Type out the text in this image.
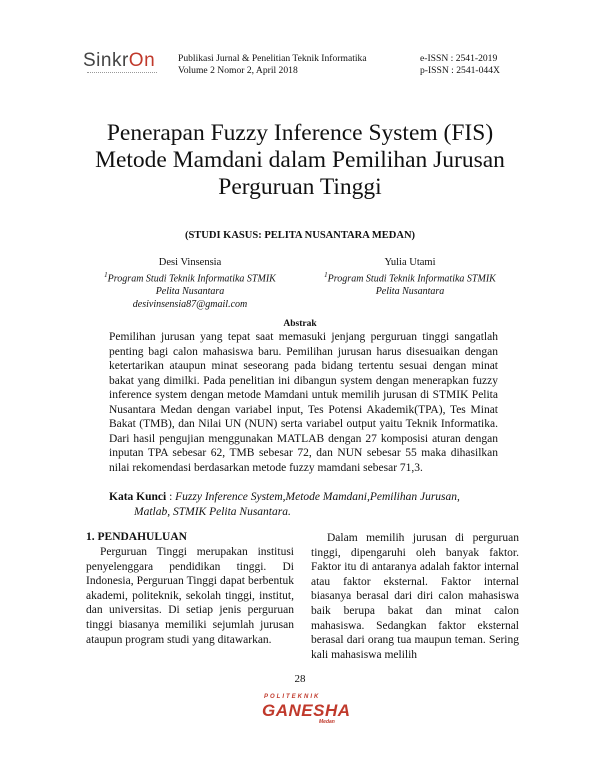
SinkrOn Publikasi Jurnal & Penelitian Teknik Informatika
Volume 2 Nomor 2, April 2018
e-ISSN : 2541-2019
p-ISSN : 2541-044X
Penerapan Fuzzy Inference System (FIS)
Metode Mamdani dalam Pemilihan Jurusan
Perguruan Tinggi
(STUDI KASUS: PELITA NUSANTARA MEDAN)
Desi Vinsensia
$^1$Program Studi Teknik Informatika STMIK
Pelita Nusantara
desivinsensia87@gmail.com
Yulia Utami
$^1$Program Studi Teknik Informatika STMIK
Pelita Nusantara
Abstrak
Pemilihan jurusan yang tepat saat memasuki jenjang perguruan tinggi sangatlah penting bagi calon mahasiswa baru. Pemilihan jurusan harus disesuaikan dengan ketertarikan ataupun minat seseorang pada bidang tertentu sesuai dengan minat bakat yang dimilki. Pada penelitian ini dibangun system dengan menerapkan fuzzy inference system dengan metode Mamdani untuk memilih jurusan di STMIK Pelita Nusantara Medan dengan variabel input, Tes Potensi Akademik(TPA), Tes Minat Bakat (TMB), dan Nilai UN (NUN) serta variabel output yaitu Teknik Informatika. Dari hasil pengujian menggunakan MATLAB dengan 27 komposisi aturan dengan inputan TPA sebesar 62, TMB sebesar 72, dan NUN sebesar 55 maka dihasilkan nilai rekomendasi berdasarkan metode fuzzy mamdani sebesar 71,3.
Kata Kunci : Fuzzy Inference System,Metode Mamdani,Pemilihan Jurusan,
Matlab, STMIK Pelita Nusantara.
1. PENDAHULUAN
Perguruan Tinggi merupakan institusi penyelenggara pendidikan tinggi. Di Indonesia, Perguruan Tinggi dapat berbentuk akademi, politeknik, sekolah tinggi, institut, dan universitas. Di setiap jenis perguruan tinggi biasanya memiliki sejumlah jurusan ataupun program studi yang ditawarkan.
Dalam memilih jurusan di perguruan tinggi, dipengaruhi oleh banyak faktor. Faktor itu di antaranya adalah faktor internal atau faktor eksternal. Faktor internal biasanya berasal dari diri calon mahasiswa baik berupa bakat dan minat calon mahasiswa. Sedangkan faktor eksternal berasal dari orang tua maupun teman. Sering kali mahasiswa melilih
28
POLITEKNIK
GANESHA
Medan
